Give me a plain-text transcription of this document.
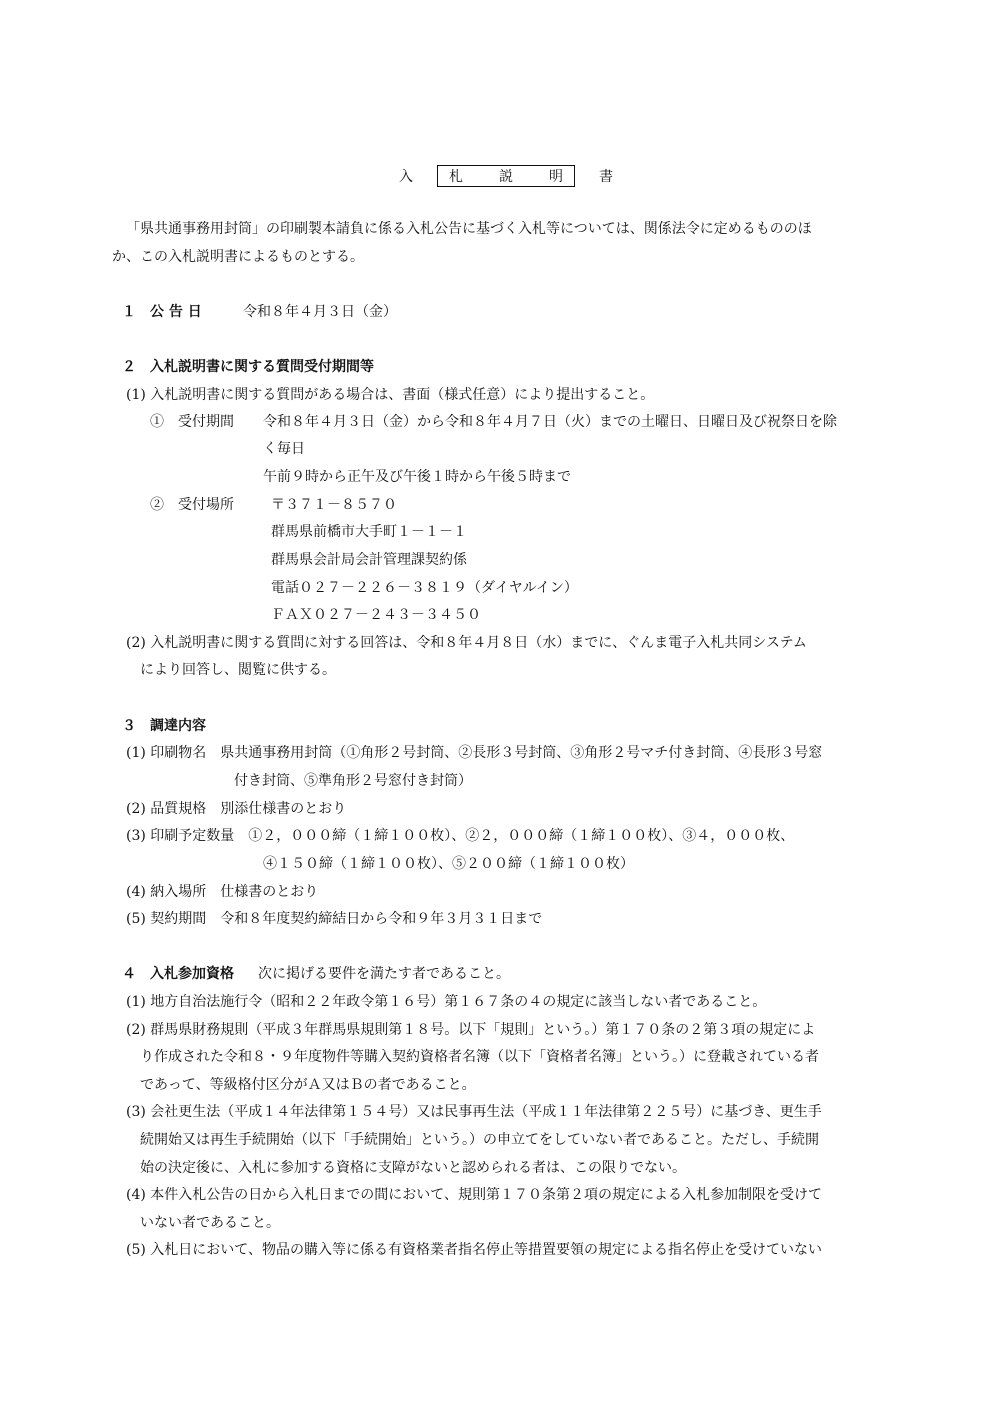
入　札　説　明　書
「県共通事務用封筒」の印刷製本請負に係る入札公告に基づく入札等については、関係法令に定めるもののほ
か、この入札説明書によるものとする。
１　公 告 日	令和８年４月３日（金）
２　入札説明書に関する質問受付期間等
(1) 入札説明書に関する質問がある場合は、書面（様式任意）により提出すること。
①　受付期間 令和８年４月３日（金）から令和８年４月７日（火）までの土曜日、日曜日及び祝祭日を除
く毎日
午前９時から正午及び午後１時から午後５時まで
②　受付場所	〒３７１－８５７０
群馬県前橋市大手町１－１－１
群馬県会計局会計管理課契約係
電話０２７－２２６－３８１９（ダイヤルイン）
ＦＡＸ０２７－２４３－３４５０
(2) 入札説明書に関する質問に対する回答は、令和８年４月８日（水）までに、ぐんま電子入札共同システム
により回答し、閲覧に供する。
３　調達内容
(1) 印刷物名　県共通事務用封筒（①角形２号封筒、②長形３号封筒、③角形２号マチ付き封筒、④長形３号窓
付き封筒、⑤準角形２号窓付き封筒）
(2) 品質規格　別添仕様書のとおり
(3) 印刷予定数量　①２，０００締（１締１００枚）、②２，０００締（１締１００枚）、③４，０００枚、
④１５０締（１締１００枚）、⑤２００締（１締１００枚）
(4) 納入場所　仕様書のとおり
(5) 契約期間　令和８年度契約締結日から令和９年３月３１日まで
４　入札参加資格 次に掲げる要件を満たす者であること。
(1) 地方自治法施行令（昭和２２年政令第１６号）第１６７条の４の規定に該当しない者であること。
(2) 群馬県財務規則（平成３年群馬県規則第１８号。以下「規則」という。）第１７０条の２第３項の規定によ
り作成された令和８・９年度物件等購入契約資格者名簿（以下「資格者名簿」という。）に登載されている者
であって、等級格付区分がＡ又はＢの者であること。
(3) 会社更生法（平成１４年法律第１５４号）又は民事再生法（平成１１年法律第２２５号）に基づき、更生手
続開始又は再生手続開始（以下「手続開始」という。）の申立てをしていない者であること。ただし、手続開
始の決定後に、入札に参加する資格に支障がないと認められる者は、この限りでない。
(4) 本件入札公告の日から入札日までの間において、規則第１７０条第２項の規定による入札参加制限を受けて
いない者であること。
(5) 入札日において、物品の購入等に係る有資格業者指名停止等措置要領の規定による指名停止を受けていない
